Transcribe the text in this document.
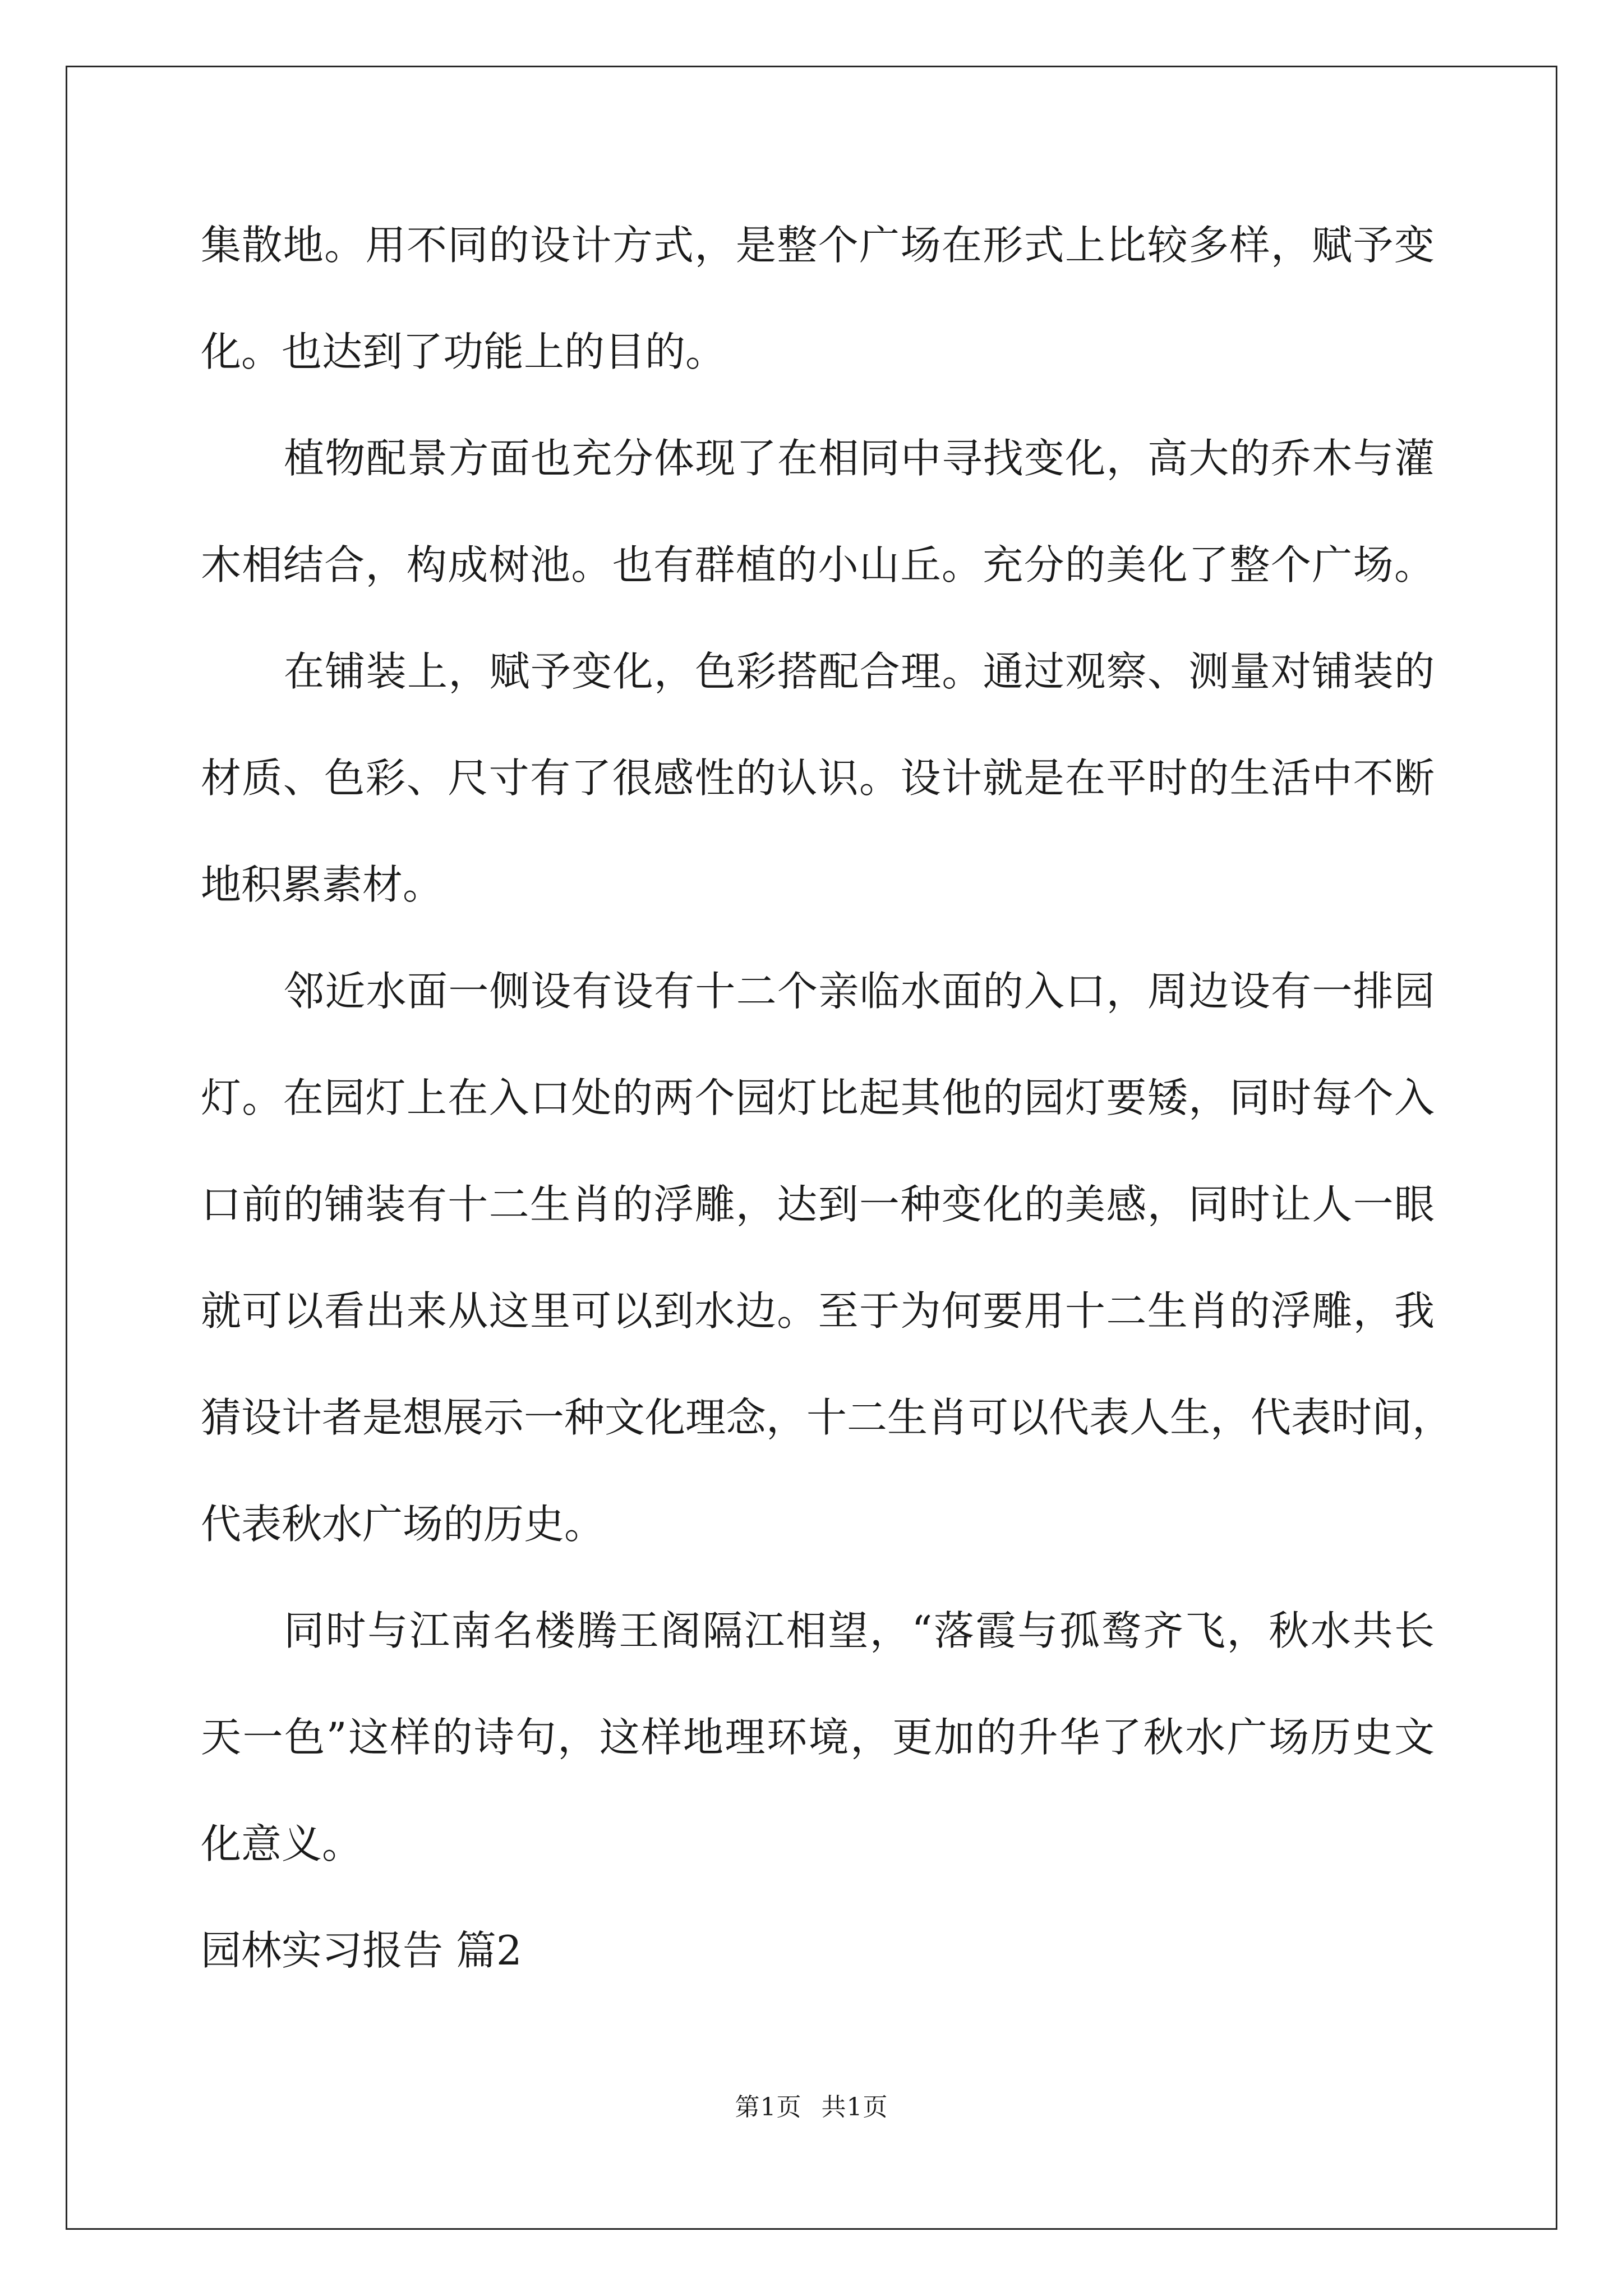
集散地。用不同的设计方式，是整个广场在形式上比较多样，赋予变
化。也达到了功能上的目的。
植物配景方面也充分体现了在相同中寻找变化，高大的乔木与灌
木相结合，构成树池。也有群植的小山丘。充分的美化了整个广场。
在铺装上，赋予变化，色彩搭配合理。通过观察、测量对铺装的
材质、色彩、尺寸有了很感性的认识。设计就是在平时的生活中不断
地积累素材。
邻近水面一侧设有设有十二个亲临水面的入口，周边设有一排园
灯。在园灯上在入口处的两个园灯比起其他的园灯要矮，同时每个入
口前的铺装有十二生肖的浮雕，达到一种变化的美感，同时让人一眼
就可以看出来从这里可以到水边。至于为何要用十二生肖的浮雕，我
猜设计者是想展示一种文化理念，十二生肖可以代表人生，代表时间，
代表秋水广场的历史。
同时与江南名楼腾王阁隔江相望，“落霞与孤鹜齐飞，秋水共长
天一色”这样的诗句，这样地理环境，更加的升华了秋水广场历史文
化意义。
园林实习报告 篇2
第1页 共1页
